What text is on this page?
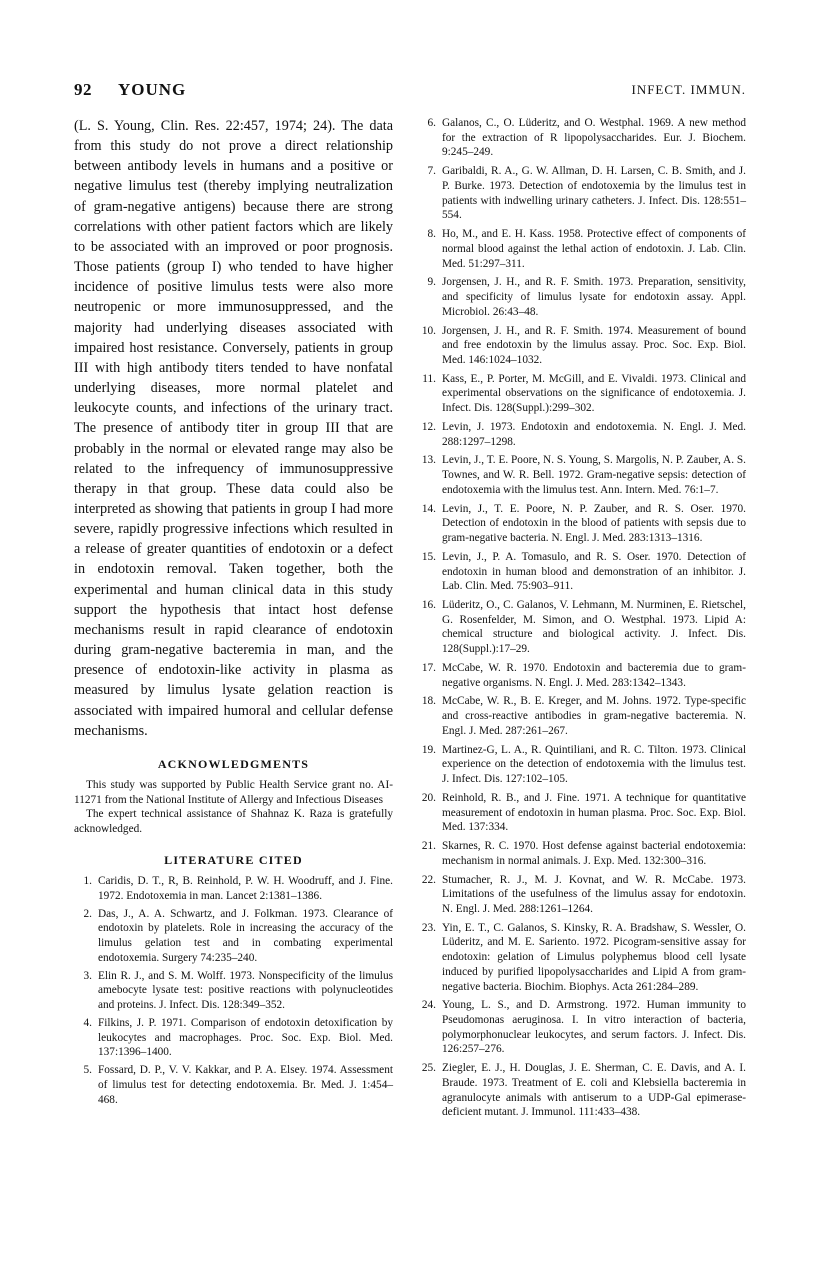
92 YOUNG	INFECT. IMMUN.

(L. S. Young, Clin. Res. 22:457, 1974; 24). The data from this study do not prove a direct relationship between antibody levels in humans and a positive or negative limulus test (thereby implying neutralization of gram-negative antigens) because there are strong correlations with other patient factors which are likely to be associated with an improved or poor prognosis. Those patients (group I) who tended to have higher incidence of positive limulus tests were also more neutropenic or more immunosuppressed, and the majority had underlying diseases associated with impaired host resistance. Conversely, patients in group III with high antibody titers tended to have nonfatal underlying diseases, more normal platelet and leukocyte counts, and infections of the urinary tract. The presence of antibody titer in group III that are probably in the normal or elevated range may also be related to the infrequency of immunosuppressive therapy in that group. These data could also be interpreted as showing that patients in group I had more severe, rapidly progressive infections which resulted in a release of greater quantities of endotoxin or a defect in endotoxin removal. Taken together, both the experimental and human clinical data in this study support the hypothesis that intact host defense mechanisms result in rapid clearance of endotoxin during gram-negative bacteremia in man, and the presence of endotoxin-like activity in plasma as measured by limulus lysate gelation reaction is associated with impaired humoral and cellular defense mechanisms.

ACKNOWLEDGMENTS

This study was supported by Public Health Service grant no. AI-11271 from the National Institute of Allergy and Infectious Diseases

The expert technical assistance of Shahnaz K. Raza is gratefully acknowledged.

LITERATURE CITED
1. Caridis, D. T., R, B. Reinhold, P. W. H. Woodruff, and J. Fine. 1972. Endotoxemia in man. Lancet 2:1381–1386.
2. Das, J., A. A. Schwartz, and J. Folkman. 1973. Clearance of endotoxin by platelets. Role in increasing the accuracy of the limulus gelation test and in combating experimental endotoxemia. Surgery 74:235–240.
3. Elin R. J., and S. M. Wolff. 1973. Nonspecificity of the limulus amebocyte lysate test: positive reactions with polynucleotides and proteins. J. Infect. Dis. 128:349–352.
4. Filkins, J. P. 1971. Comparison of endotoxin detoxification by leukocytes and macrophages. Proc. Soc. Exp. Biol. Med. 137:1396–1400.
5. Fossard, D. P., V. V. Kakkar, and P. A. Elsey. 1974. Assessment of limulus test for detecting endotoxemia. Br. Med. J. 1:454–468.
6. Galanos, C., O. Lüderitz, and O. Westphal. 1969. A new method for the extraction of R lipopolysaccharides. Eur. J. Biochem. 9:245–249.
7. Garibaldi, R. A., G. W. Allman, D. H. Larsen, C. B. Smith, and J. P. Burke. 1973. Detection of endotoxemia by the limulus test in patients with indwelling urinary catheters. J. Infect. Dis. 128:551–554.
8. Ho, M., and E. H. Kass. 1958. Protective effect of components of normal blood against the lethal action of endotoxin. J. Lab. Clin. Med. 51:297–311.
9. Jorgensen, J. H., and R. F. Smith. 1973. Preparation, sensitivity, and specificity of limulus lysate for endotoxin assay. Appl. Microbiol. 26:43–48.
10. Jorgensen, J. H., and R. F. Smith. 1974. Measurement of bound and free endotoxin by the limulus assay. Proc. Soc. Exp. Biol. Med. 146:1024–1032.
11. Kass, E., P. Porter, M. McGill, and E. Vivaldi. 1973. Clinical and experimental observations on the significance of endotoxemia. J. Infect. Dis. 128(Suppl.):299–302.
12. Levin, J. 1973. Endotoxin and endotoxemia. N. Engl. J. Med. 288:1297–1298.
13. Levin, J., T. E. Poore, N. S. Young, S. Margolis, N. P. Zauber, A. S. Townes, and W. R. Bell. 1972. Gram-negative sepsis: detection of endotoxemia with the limulus test. Ann. Intern. Med. 76:1–7.
14. Levin, J., T. E. Poore, N. P. Zauber, and R. S. Oser. 1970. Detection of endotoxin in the blood of patients with sepsis due to gram-negative bacteria. N. Engl. J. Med. 283:1313–1316.
15. Levin, J., P. A. Tomasulo, and R. S. Oser. 1970. Detection of endotoxin in human blood and demonstration of an inhibitor. J. Lab. Clin. Med. 75:903–911.
16. Lüderitz, O., C. Galanos, V. Lehmann, M. Nurminen, E. Rietschel, G. Rosenfelder, M. Simon, and O. Westphal. 1973. Lipid A: chemical structure and biological activity. J. Infect. Dis. 128(Suppl.):17–29.
17. McCabe, W. R. 1970. Endotoxin and bacteremia due to gram-negative organisms. N. Engl. J. Med. 283:1342–1343.
18. McCabe, W. R., B. E. Kreger, and M. Johns. 1972. Type-specific and cross-reactive antibodies in gram-negative bacteremia. N. Engl. J. Med. 287:261–267.
19. Martinez-G, L. A., R. Quintiliani, and R. C. Tilton. 1973. Clinical experience on the detection of endotoxemia with the limulus test. J. Infect. Dis. 127:102–105.
20. Reinhold, R. B., and J. Fine. 1971. A technique for quantitative measurement of endotoxin in human plasma. Proc. Soc. Exp. Biol. Med. 137:334.
21. Skarnes, R. C. 1970. Host defense against bacterial endotoxemia: mechanism in normal animals. J. Exp. Med. 132:300–316.
22. Stumacher, R. J., M. J. Kovnat, and W. R. McCabe. 1973. Limitations of the usefulness of the limulus assay for endotoxin. N. Engl. J. Med. 288:1261–1264.
23. Yin, E. T., C. Galanos, S. Kinsky, R. A. Bradshaw, S. Wessler, O. Lüderitz, and M. E. Sariento. 1972. Picogram-sensitive assay for endotoxin: gelation of Limulus polyphemus blood cell lysate induced by purified lipopolysaccharides and Lipid A from gram-negative bacteria. Biochim. Biophys. Acta 261:284–289.
24. Young, L. S., and D. Armstrong. 1972. Human immunity to Pseudomonas aeruginosa. I. In vitro interaction of bacteria, polymorphonuclear leukocytes, and serum factors. J. Infect. Dis. 126:257–276.
25. Ziegler, E. J., H. Douglas, J. E. Sherman, C. E. Davis, and A. I. Braude. 1973. Treatment of E. coli and Klebsiella bacteremia in agranulocyte animals with antiserum to a UDP-Gal epimerase-deficient mutant. J. Immunol. 111:433–438.
